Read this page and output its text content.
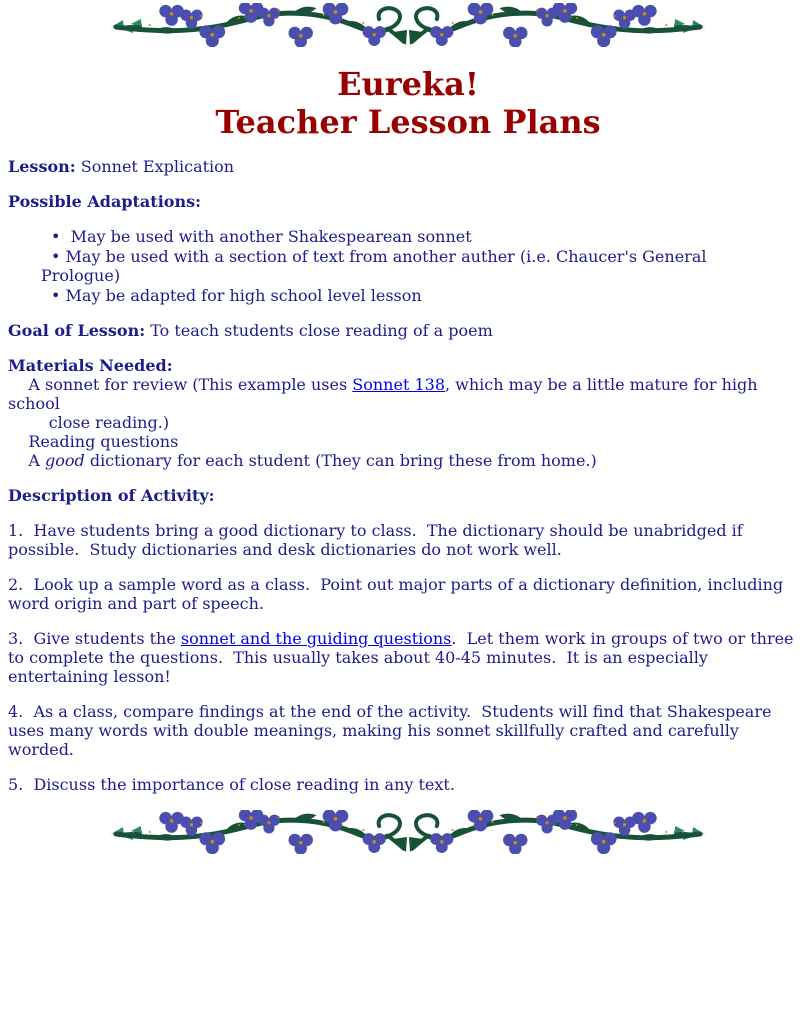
Eureka!
Teacher Lesson Plans

Lesson: Sonnet Explication

Possible Adaptations:

•  May be used with another Shakespearean sonnet
• May be used with a section of text from another auther (i.e. Chaucer's General Prologue)
• May be adapted for high school level lesson

Goal of Lesson: To teach students close reading of a poem

Materials Needed:
A sonnet for review (This example uses Sonnet 138, which may be a little mature for high school
close reading.)
Reading questions
A good dictionary for each student (They can bring these from home.)

Description of Activity:

1.  Have students bring a good dictionary to class.  The dictionary should be unabridged if possible.  Study dictionaries and desk dictionaries do not work well.

2.  Look up a sample word as a class.  Point out major parts of a dictionary definition, including word origin and part of speech.

3.  Give students the sonnet and the guiding questions.  Let them work in groups of two or three to complete the questions.  This usually takes about 40-45 minutes.  It is an especially entertaining lesson!

4.  As a class, compare findings at the end of the activity.  Students will find that Shakespeare uses many words with double meanings, making his sonnet skillfully crafted and carefully worded.

5.  Discuss the importance of close reading in any text.
